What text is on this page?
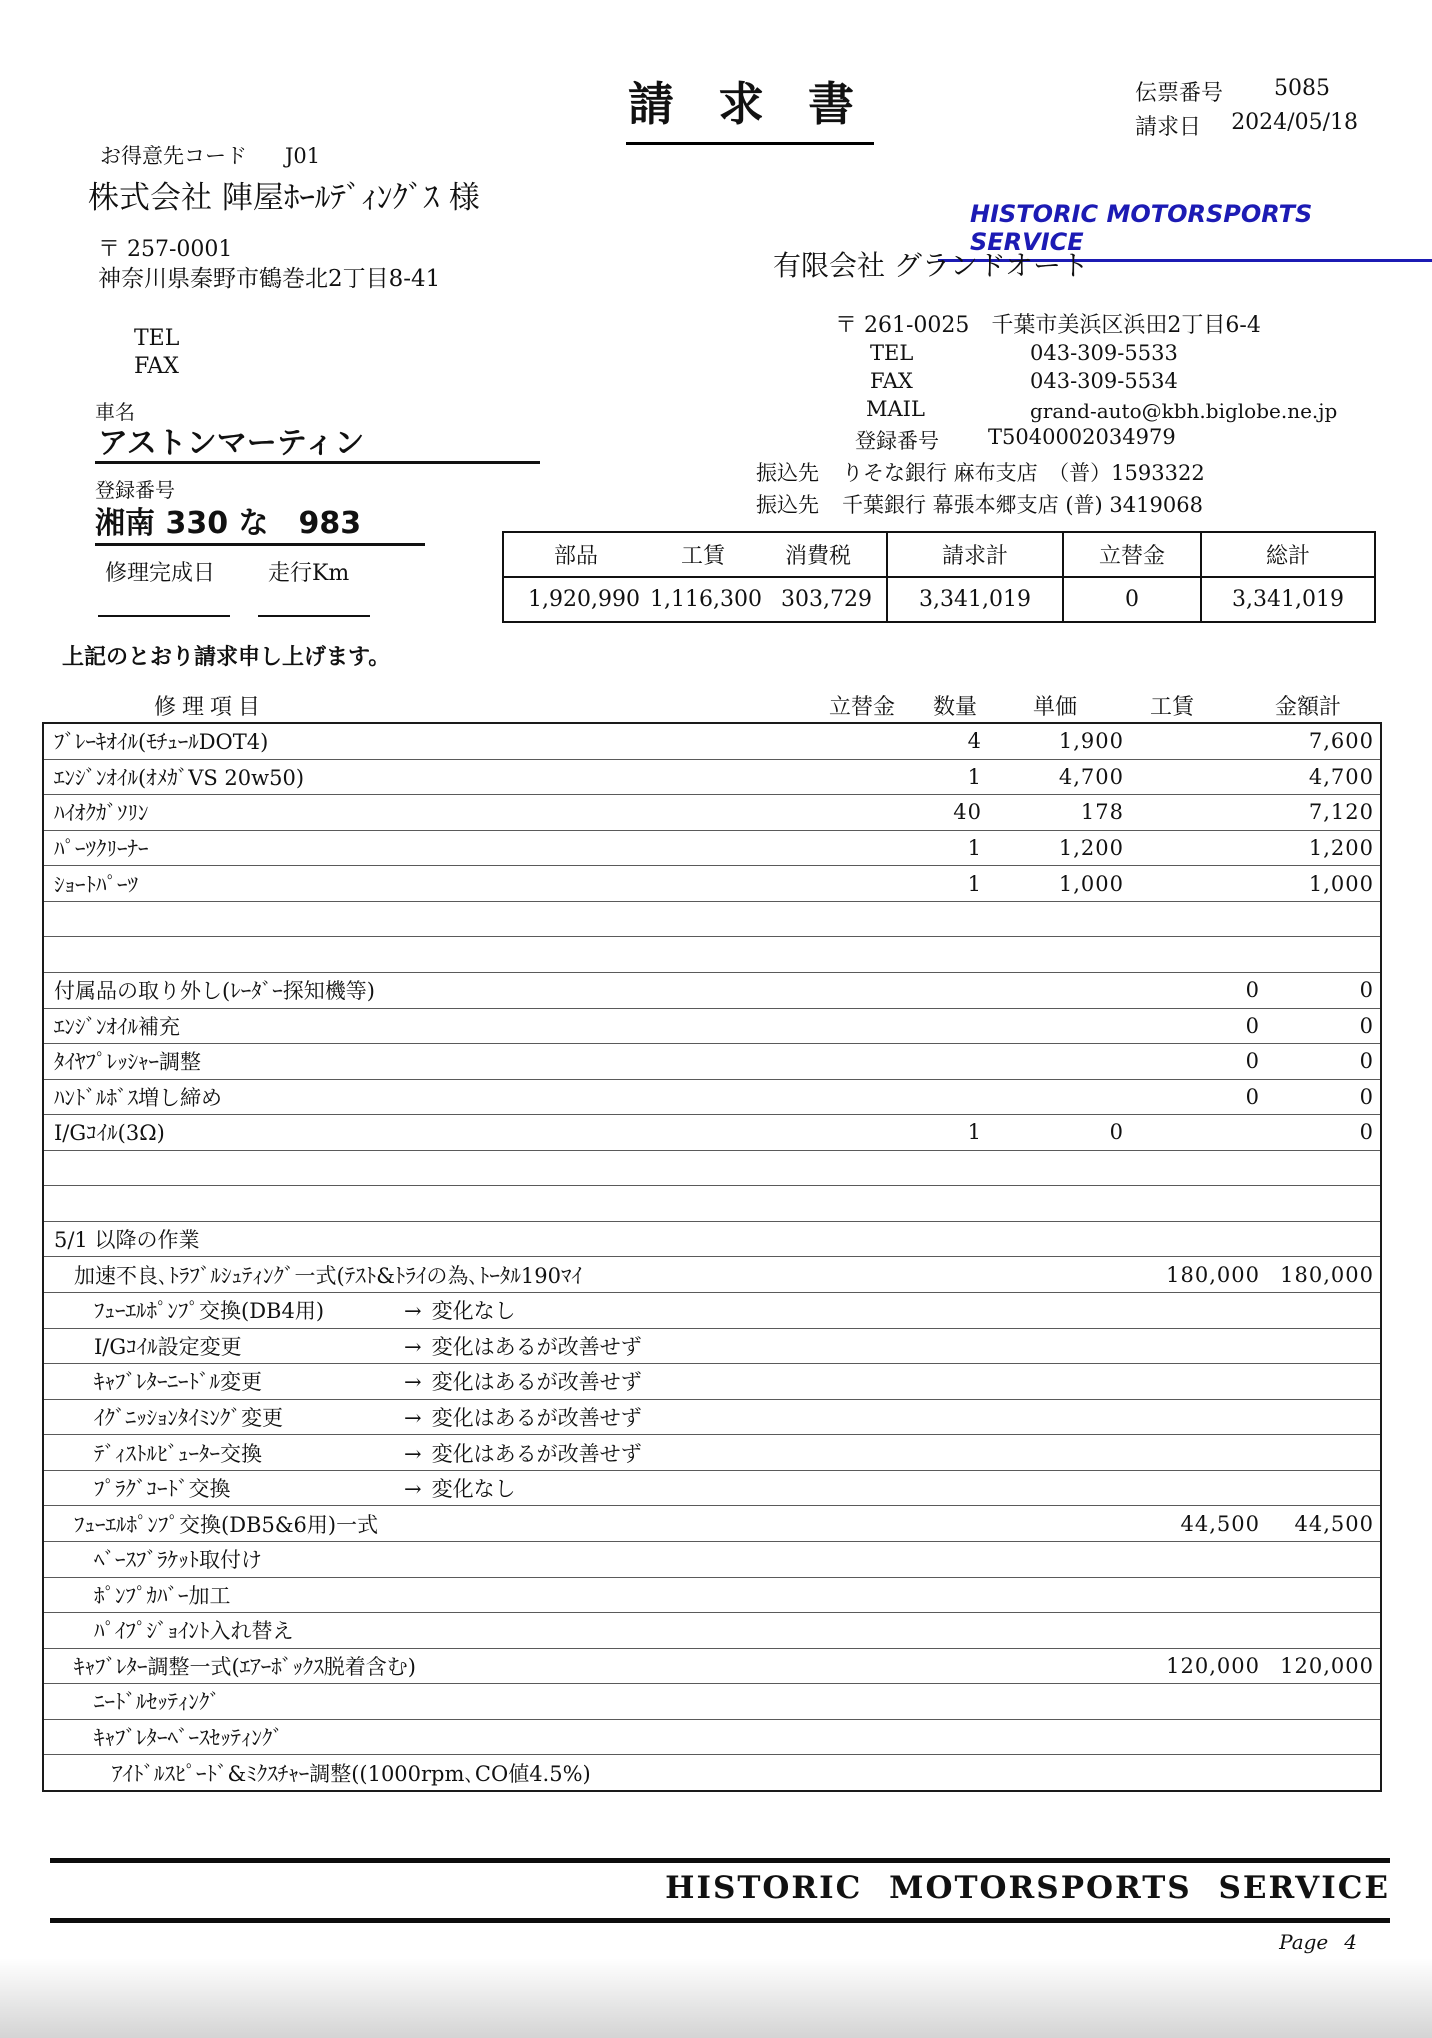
請 求 書	伝票番号	5085
請求日	2024/05/18
お得意先コード J01
株式会社 陣屋ﾎｰﾙﾃﾞｨﾝｸﾞｽ 様
〒 257-0001
神奈川県秦野市鶴巻北2丁目8-41
TEL
FAX
車名
アストンマーティン
登録番号
湘南 330 な　983
修理完成日 走行Km
HISTORIC MOTORSPORTS SERVICE
有限会社 グランドオート
〒 261-0025　千葉市美浜区浜田2丁目6-4
TEL	043-309-5533
FAX	043-309-5534
MAIL	grand-auto@kbh.biglobe.ne.jp
登録番号 T5040002034979
振込先 りそな銀行 麻布支店　（普）1593322
振込先 千葉銀行 幕張本郷支店 (普) 3419068
部品	工賃	消費税	請求計	立替金	総計
1,920,990 1,116,300 303,729	3,341,019	0	3,341,019
上記のとおり請求申し上げます。
修理項目	立替金	数量	単価	工賃	金額計
ﾌﾞﾚｰｷｵｲﾙ(ﾓﾁｭｰﾙDOT4)	4	1,900	7,600
ｴﾝｼﾞﾝｵｲﾙ(ｵﾒｶﾞVS 20w50)	1	4,700	4,700
ﾊｲｵｸｶﾞｿﾘﾝ	40	178	7,120
ﾊﾟｰﾂｸﾘｰﾅｰ	1	1,200	1,200
ｼｮｰﾄﾊﾟｰﾂ	1	1,000	1,000
付属品の取り外し(ﾚｰﾀﾞｰ探知機等)	0	0
ｴﾝｼﾞﾝｵｲﾙ補充	0	0
ﾀｲﾔﾌﾟﾚｯｼｬｰ調整	0	0
ﾊﾝﾄﾞﾙﾎﾞｽ増し締め	0	0
I/Gｺｲﾙ(3Ω)	1	0	0
5/1 以降の作業
加速不良､ﾄﾗﾌﾞﾙｼｭﾃｨﾝｸﾞ一式(ﾃｽﾄ&ﾄﾗｲの為､ﾄｰﾀﾙ190ﾏｲ	180,000 180,000
ﾌｭｰｴﾙﾎﾟﾝﾌﾟ交換(DB4用)	→ 変化なし
I/Gｺｲﾙ設定変更	→ 変化はあるが改善せず
ｷｬﾌﾞﾚﾀｰﾆｰﾄﾞﾙ変更	→ 変化はあるが改善せず
ｲｸﾞﾆｯｼｮﾝﾀｲﾐﾝｸﾞ変更	→ 変化はあるが改善せず
ﾃﾞｨｽﾄﾙﾋﾞｭｰﾀｰ交換	→ 変化はあるが改善せず
ﾌﾟﾗｸﾞｺｰﾄﾞ交換	→ 変化なし
ﾌｭｰｴﾙﾎﾟﾝﾌﾟ交換(DB5&6用)一式	44,500	44,500
ﾍﾞｰｽﾌﾞﾗｹｯﾄ取付け
ﾎﾟﾝﾌﾟｶﾊﾞｰ加工
ﾊﾟｲﾌﾟｼﾞｮｲﾝﾄ入れ替え
ｷｬﾌﾞﾚﾀｰ調整一式(ｴｱｰﾎﾞｯｸｽ脱着含む)	120,000 120,000
ﾆｰﾄﾞﾙｾｯﾃｨﾝｸﾞ
ｷｬﾌﾞﾚﾀｰﾍﾞｰｽｾｯﾃｨﾝｸﾞ
ｱｲﾄﾞﾙｽﾋﾟｰﾄﾞ&ﾐｸｽﾁｬｰ調整((1000rpm､CO値4.5%)
HISTORIC MOTORSPORTS SERVICE
Page 4
